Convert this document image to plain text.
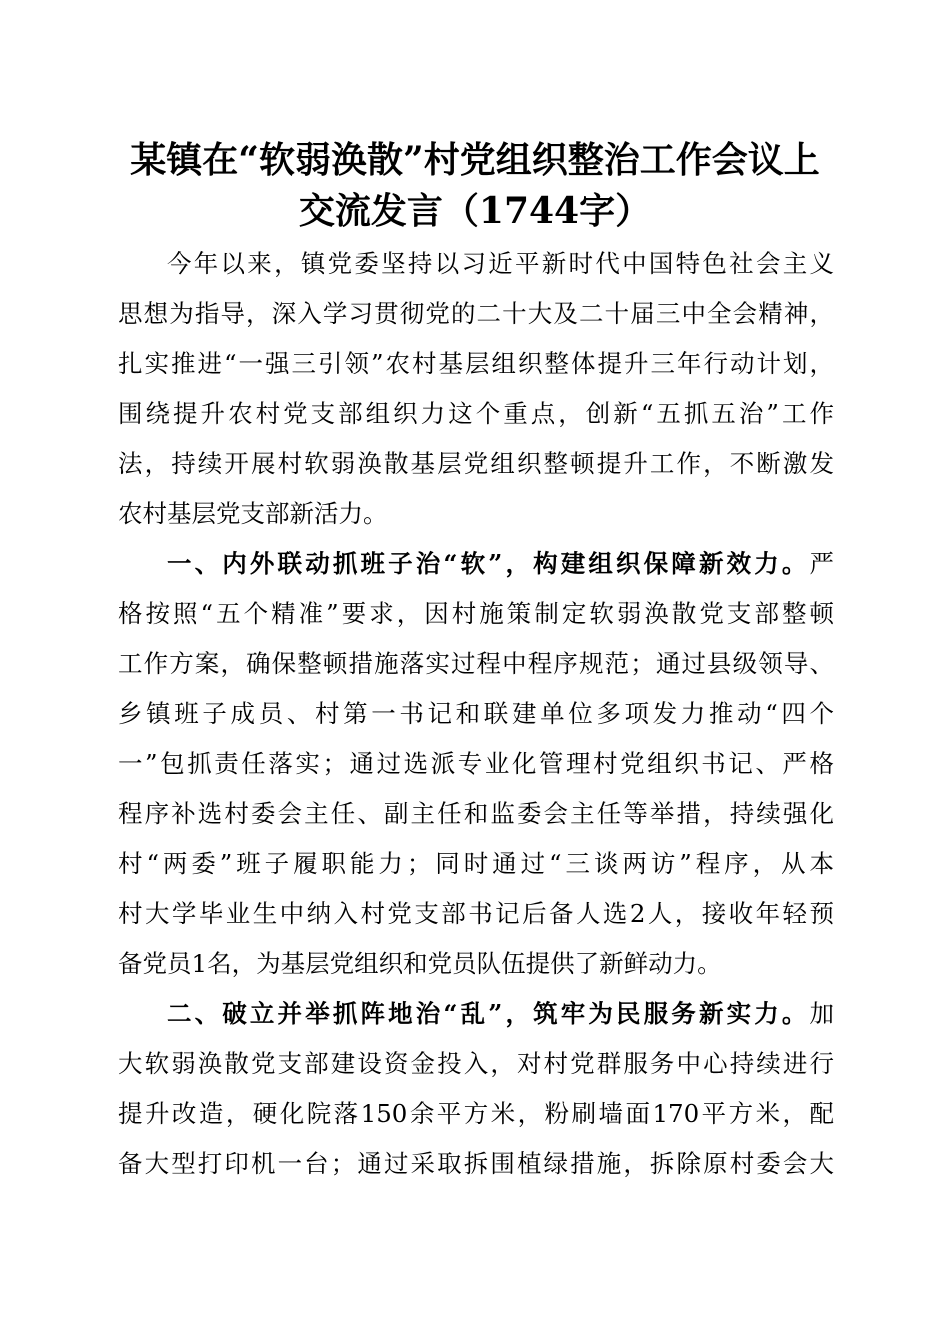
某镇在“软弱涣散”村党组织整治工作会议上
交流发言（1744字）
今年以来，镇党委坚持以习近平新时代中国特色社会主义
思想为指导，深入学习贯彻党的二十大及二十届三中全会精神，
扎实推进“一强三引领”农村基层组织整体提升三年行动计划，
围绕提升农村党支部组织力这个重点，创新“五抓五治”工作
法，持续开展村软弱涣散基层党组织整顿提升工作，不断激发
农村基层党支部新活力。
一、内外联动抓班子治“软”，构建组织保障新效力。严
格按照“五个精准”要求，因村施策制定软弱涣散党支部整顿
工作方案，确保整顿措施落实过程中程序规范；通过县级领导、
乡镇班子成员、村第一书记和联建单位多项发力推动“四个
一”包抓责任落实；通过选派专业化管理村党组织书记、严格
程序补选村委会主任、副主任和监委会主任等举措，持续强化
村“两委”班子履职能力；同时通过“三谈两访”程序，从本
村大学毕业生中纳入村党支部书记后备人选2人，接收年轻预
备党员1名，为基层党组织和党员队伍提供了新鲜动力。
二、破立并举抓阵地治“乱”，筑牢为民服务新实力。加
大软弱涣散党支部建设资金投入，对村党群服务中心持续进行
提升改造，硬化院落150余平方米，粉刷墙面170平方米，配
备大型打印机一台；通过采取拆围植绿措施，拆除原村委会大
